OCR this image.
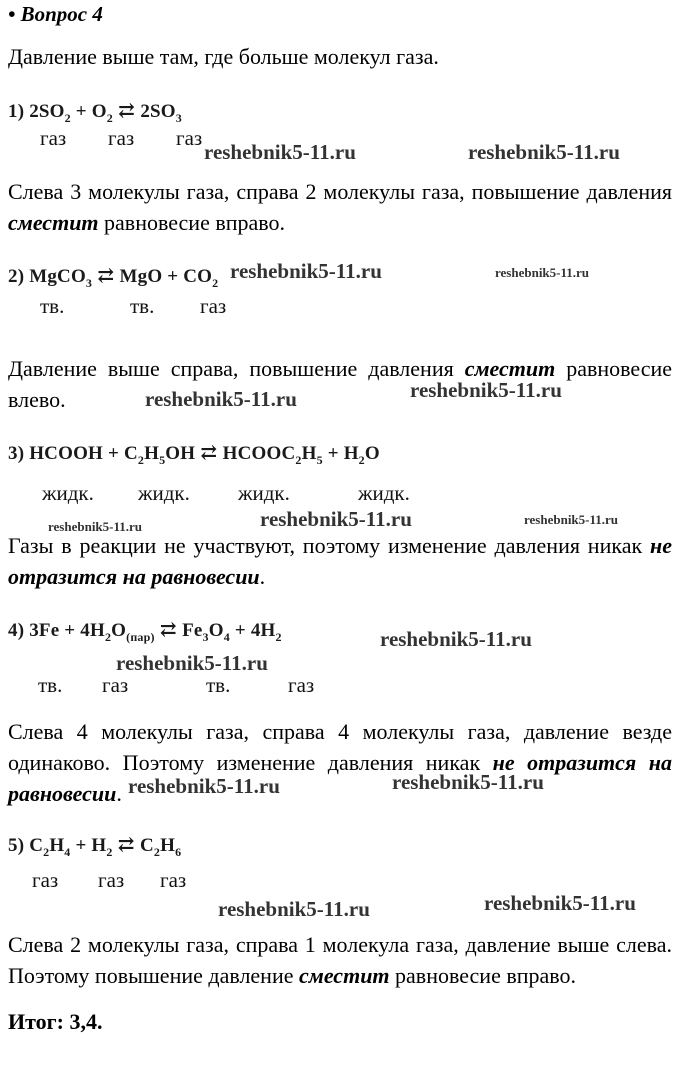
• Вопрос 4
Давление выше там, где больше молекул газа.
1) $2SO_2 + O_2$ ⇄ $2SO_3$
газ газ газ
reshebnik5-11.ru	reshebnik5-11.ru
Слева 3 молекулы газа, справа 2 молекулы газа, повышение давления сместит равновесие вправо.
2) MgCO$_3$ ⇄ MgO + $CO_2$ reshebnik5-11.ru	reshebnik5-11.ru
тв.	тв. газ
Давление выше справа, повышение давления сместит равновесие влево.	reshebnik5-11.ru	reshebnik5-11.ru
3) HCOOH + $C_2H_5OH$ ⇄ $HCOOC_2H_5 + H_2O$
жидк. жидк. жидк.	жидк.
reshebnik5-11.ru	reshebnik5-11.ru	reshebnik5-11.ru
Газы в реакции не участвуют, поэтому изменение давления никак не отразится на равновесии.
4) $3Fe + 4H_2O_{(пар)}$ ⇄ $Fe_3O_4 + 4H_2$	reshebnik5-11.ru
reshebnik5-11.ru
тв. газ	тв.	газ
Слева 4 молекулы газа, справа 4 молекулы газа, давление везде одинаково. Поэтому изменение давления никак не отразится на равновесии. reshebnik5-11.ru	reshebnik5-11.ru
5) $C_2H_4 + H_2$ ⇄ $C_2H_6$
газ газ газ
reshebnik5-11.ru	reshebnik5-11.ru
Слева 2 молекулы газа, справа 1 молекула газа, давление выше слева. Поэтому повышение давление сместит равновесие вправо.
Итог: 3,4.
